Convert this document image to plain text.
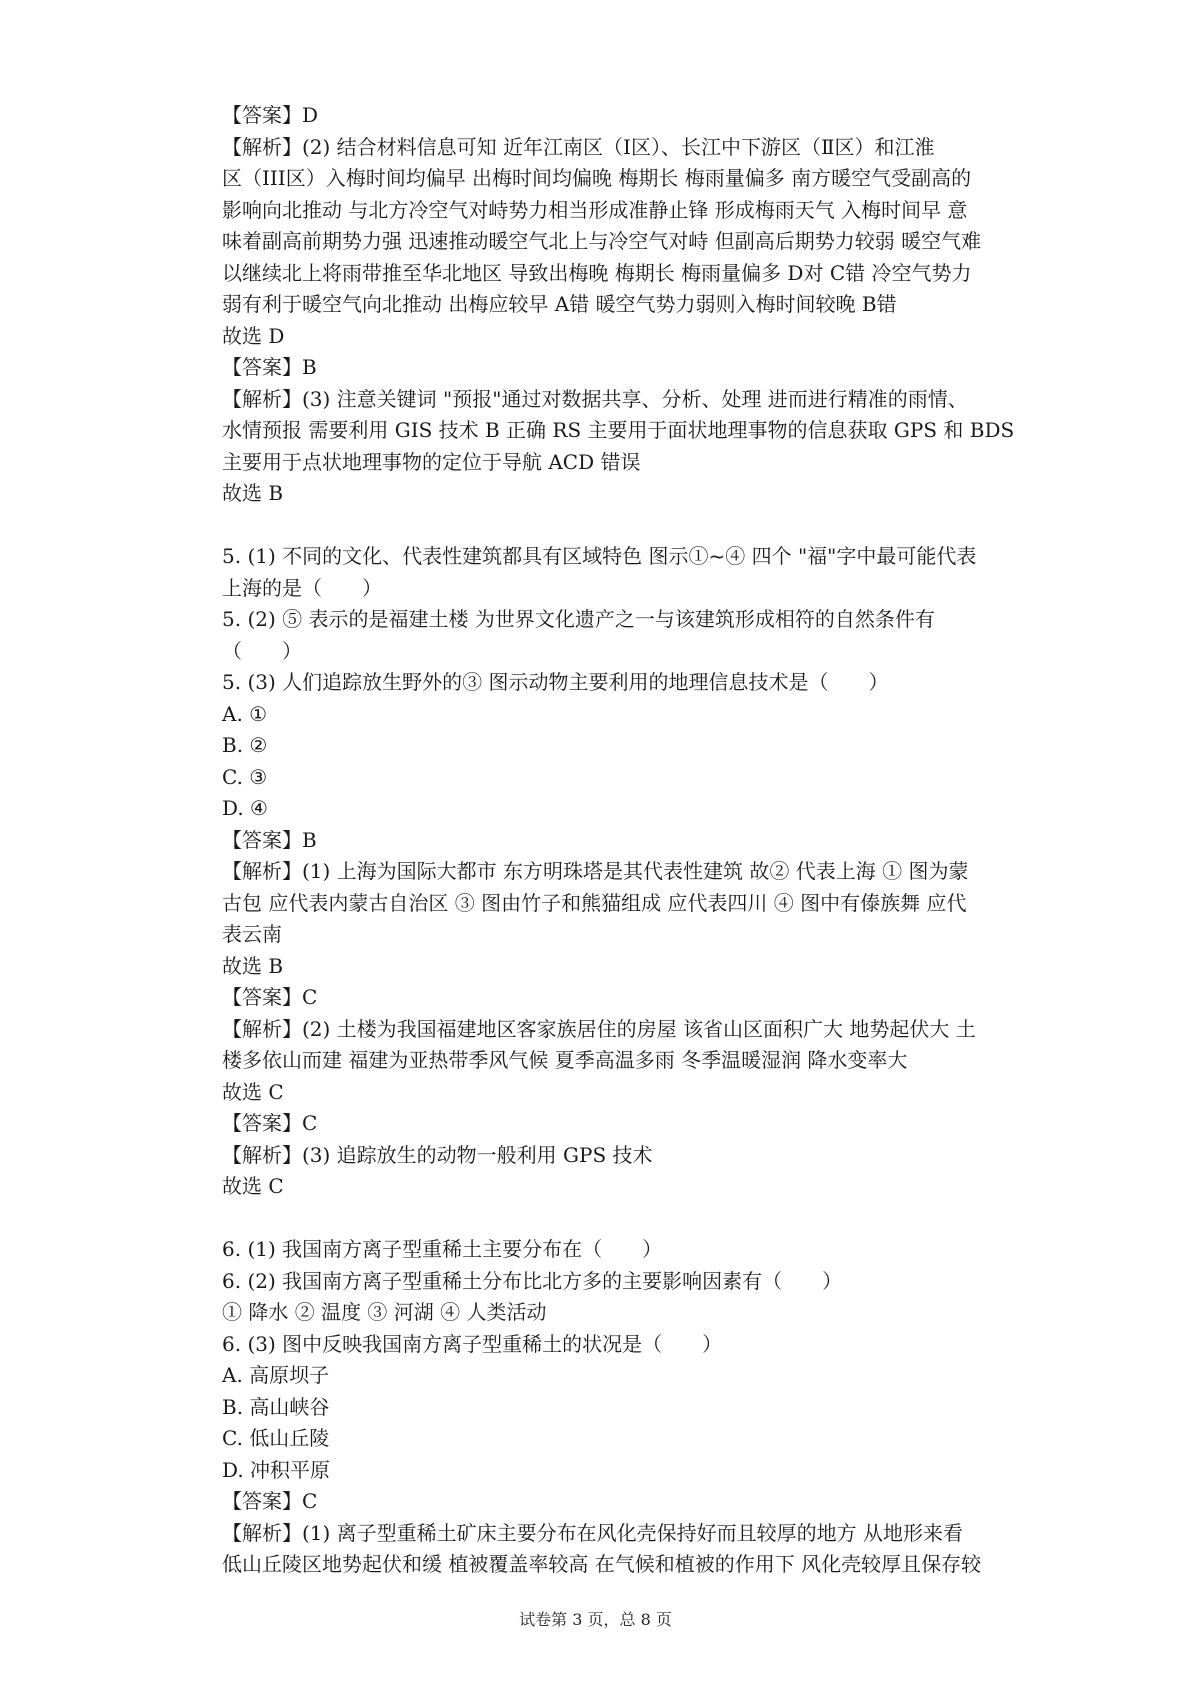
【答案】D
【解析】(2) 结合材料信息可知 近年江南区（Ⅰ区）、长江中下游区（Ⅱ区）和江淮
区（III区）入梅时间均偏早 出梅时间均偏晚 梅期长 梅雨量偏多 南方暖空气受副高的
影响向北推动 与北方冷空气对峙势力相当形成准静止锋 形成梅雨天气 入梅时间早 意
味着副高前期势力强 迅速推动暖空气北上与冷空气对峙 但副高后期势力较弱 暖空气难
以继续北上将雨带推至华北地区 导致出梅晚 梅期长 梅雨量偏多 D对 C错 冷空气势力
弱有利于暖空气向北推动 出梅应较早 A错 暖空气势力弱则入梅时间较晚 B错
故选 D
【答案】B
【解析】(3) 注意关键词 "预报"通过对数据共享、分析、处理 进而进行精准的雨情、
水情预报 需要利用 GIS 技术 B 正确 RS 主要用于面状地理事物的信息获取 GPS 和 BDS
主要用于点状地理事物的定位于导航 ACD 错误
故选 B
5. (1) 不同的文化、代表性建筑都具有区域特色 图示①~④ 四个 "福"字中最可能代表
上海的是（　　）
5. (2) ⑤ 表示的是福建土楼 为世界文化遗产之一与该建筑形成相符的自然条件有
（　　）
5. (3) 人们追踪放生野外的③ 图示动物主要利用的地理信息技术是（　　）
A. ①
B. ②
C. ③
D. ④
【答案】B
【解析】(1) 上海为国际大都市 东方明珠塔是其代表性建筑 故② 代表上海 ① 图为蒙
古包 应代表内蒙古自治区 ③ 图由竹子和熊猫组成 应代表四川 ④ 图中有傣族舞 应代
表云南
故选 B
【答案】C
【解析】(2) 土楼为我国福建地区客家族居住的房屋 该省山区面积广大 地势起伏大 土
楼多依山而建 福建为亚热带季风气候 夏季高温多雨 冬季温暖湿润 降水变率大
故选 C
【答案】C
【解析】(3) 追踪放生的动物一般利用 GPS 技术
故选 C
6. (1) 我国南方离子型重稀土主要分布在（　　）
6. (2) 我国南方离子型重稀土分布比北方多的主要影响因素有（　　）
① 降水 ② 温度 ③ 河湖 ④ 人类活动
6. (3) 图中反映我国南方离子型重稀土的状况是（　　）
A. 高原坝子
B. 高山峡谷
C. 低山丘陵
D. 冲积平原
【答案】C
【解析】(1) 离子型重稀土矿床主要分布在风化壳保持好而且较厚的地方 从地形来看
低山丘陵区地势起伏和缓 植被覆盖率较高 在气候和植被的作用下 风化壳较厚且保存较
试卷第 3 页，总 8 页
